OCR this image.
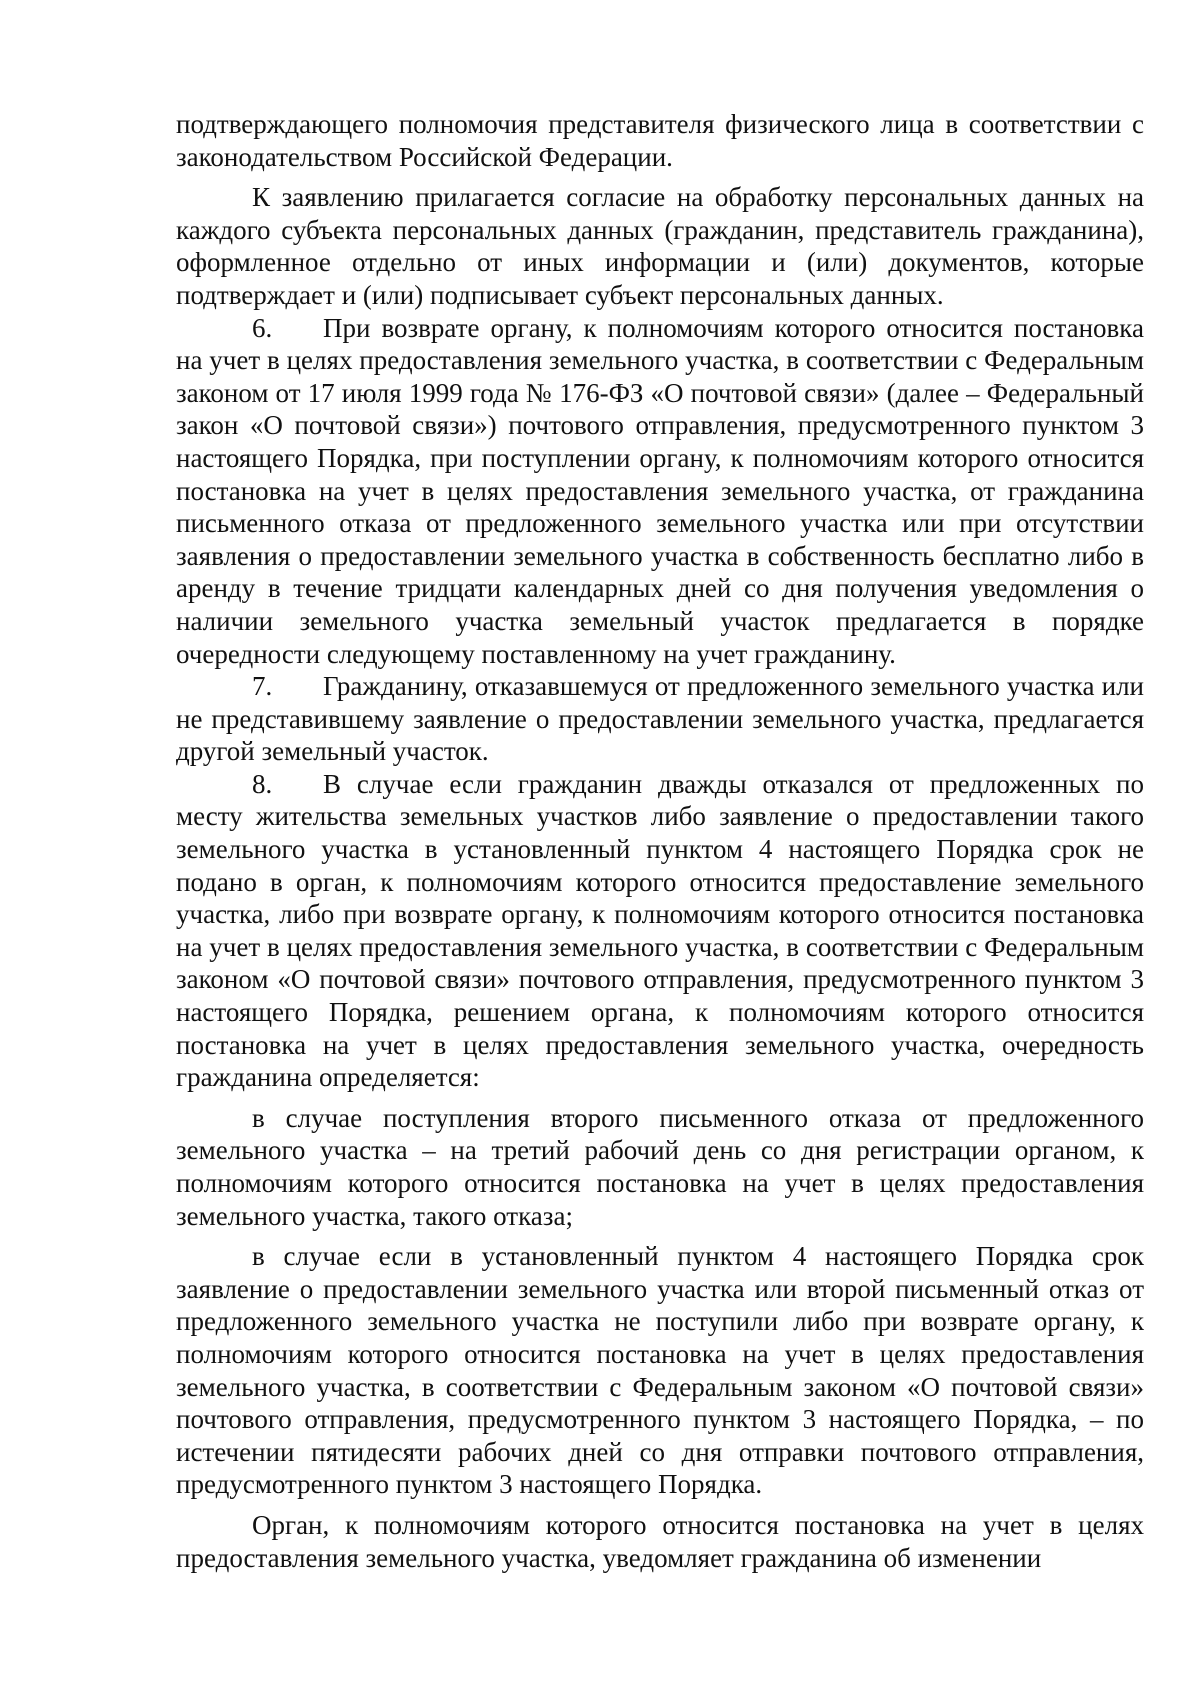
подтверждающего полномочия представителя физического лица в соответствии с законодательством Российской Федерации.

К заявлению прилагается согласие на обработку персональных данных на каждого субъекта персональных данных (гражданин, представитель гражданина), оформленное отдельно от иных информации и (или) документов, которые подтверждает и (или) подписывает субъект персональных данных.

6. При возврате органу, к полномочиям которого относится постановка на учет в целях предоставления земельного участка, в соответствии с Федеральным законом от 17 июля 1999 года № 176-ФЗ «О почтовой связи» (далее – Федеральный закон «О почтовой связи») почтового отправления, предусмотренного пунктом 3 настоящего Порядка, при поступлении органу, к полномочиям которого относится постановка на учет в целях предоставления земельного участка, от гражданина письменного отказа от предложенного земельного участка или при отсутствии заявления о предоставлении земельного участка в собственность бесплатно либо в аренду в течение тридцати календарных дней со дня получения уведомления о наличии земельного участка земельный участок предлагается в порядке очередности следующему поставленному на учет гражданину.

7. Гражданину, отказавшемуся от предложенного земельного участка или не представившему заявление о предоставлении земельного участка, предлагается другой земельный участок.

8. В случае если гражданин дважды отказался от предложенных по месту жительства земельных участков либо заявление о предоставлении такого земельного участка в установленный пунктом 4 настоящего Порядка срок не подано в орган, к полномочиям которого относится предоставление земельного участка, либо при возврате органу, к полномочиям которого относится постановка на учет в целях предоставления земельного участка, в соответствии с Федеральным законом «О почтовой связи» почтового отправления, предусмотренного пунктом 3 настоящего Порядка, решением органа, к полномочиям которого относится постановка на учет в целях предоставления земельного участка, очередность гражданина определяется:

в случае поступления второго письменного отказа от предложенного земельного участка – на третий рабочий день со дня регистрации органом, к полномочиям которого относится постановка на учет в целях предоставления земельного участка, такого отказа;

в случае если в установленный пунктом 4 настоящего Порядка срок заявление о предоставлении земельного участка или второй письменный отказ от предложенного земельного участка не поступили либо при возврате органу, к полномочиям которого относится постановка на учет в целях предоставления земельного участка, в соответствии с Федеральным законом «О почтовой связи» почтового отправления, предусмотренного пунктом 3 настоящего Порядка, – по истечении пятидесяти рабочих дней со дня отправки почтового отправления, предусмотренного пунктом 3 настоящего Порядка.

Орган, к полномочиям которого относится постановка на учет в целях предоставления земельного участка, уведомляет гражданина об изменении
